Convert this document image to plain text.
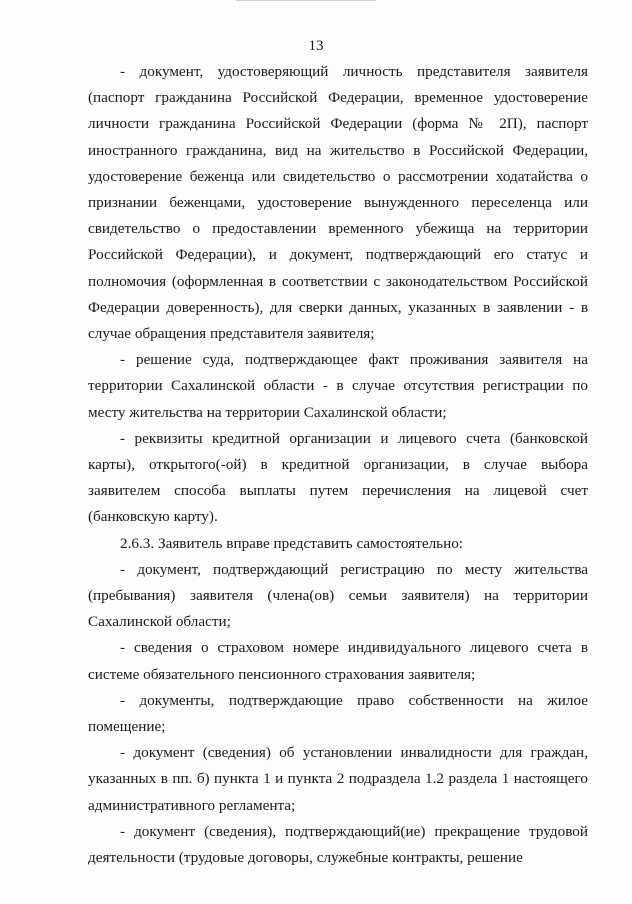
13

- документ, удостоверяющий личность представителя заявителя (паспорт гражданина Российской Федерации, временное удостоверение личности гражданина Российской Федерации (форма № 2П), паспорт иностранного гражданина, вид на жительство в Российской Федерации, удостоверение беженца или свидетельство о рассмотрении ходатайства о признании беженцами, удостоверение вынужденного переселенца или свидетельство о предоставлении временного убежища на территории Российской Федерации), и документ, подтверждающий его статус и полномочия (оформленная в соответствии с законодательством Российской Федерации доверенность), для сверки данных, указанных в заявлении - в случае обращения представителя заявителя;

- решение суда, подтверждающее факт проживания заявителя на территории Сахалинской области - в случае отсутствия регистрации по месту жительства на территории Сахалинской области;

- реквизиты кредитной организации и лицевого счета (банковской карты), открытого(-ой) в кредитной организации, в случае выбора заявителем способа выплаты путем перечисления на лицевой счет (банковскую карту).

2.6.3. Заявитель вправе представить самостоятельно:

- документ, подтверждающий регистрацию по месту жительства (пребывания) заявителя (члена(ов) семьи заявителя) на территории Сахалинской области;

- сведения о страховом номере индивидуального лицевого счета в системе обязательного пенсионного страхования заявителя;

- документы, подтверждающие право собственности на жилое помещение;

- документ (сведения) об установлении инвалидности для граждан, указанных в пп. б) пункта 1 и пункта 2 подраздела 1.2 раздела 1 настоящего административного регламента;

- документ (сведения), подтверждающий(ие) прекращение трудовой деятельности (трудовые договоры, служебные контракты, решение
